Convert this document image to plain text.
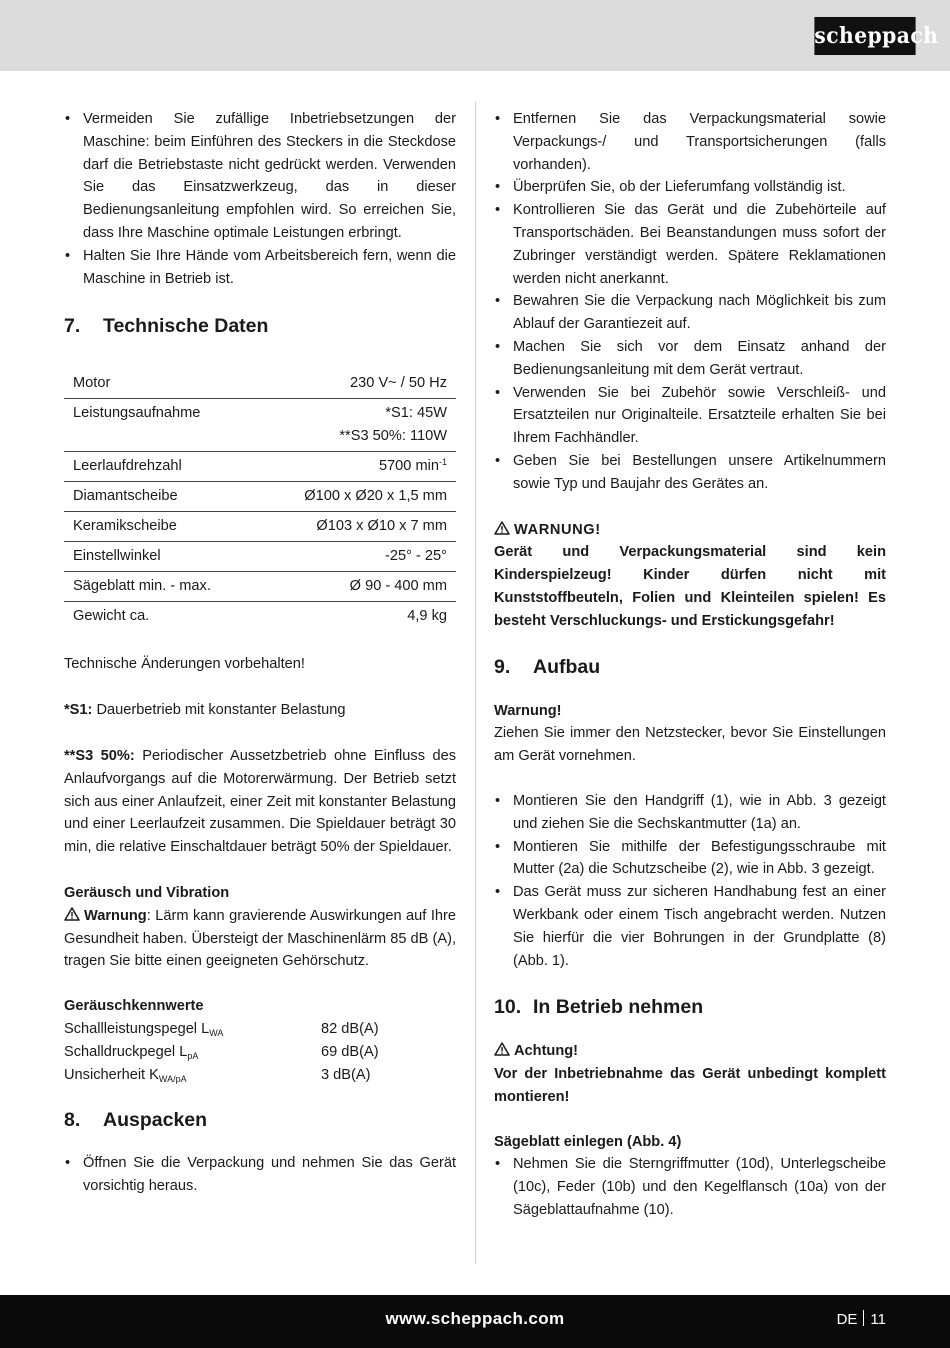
scheppach
• Vermeiden Sie zufällige Inbetriebsetzungen der Maschine: beim Einführen des Steckers in die Steckdose darf die Betriebstaste nicht gedrückt werden. Verwenden Sie das Einsatzwerkzeug, das in dieser Bedienungsanleitung empfohlen wird. So erreichen Sie, dass Ihre Maschine optimale Leistungen erbringt.
• Halten Sie Ihre Hände vom Arbeitsbereich fern, wenn die Maschine in Betrieb ist.
7.	Technische Daten
Motor	230 V~ / 50 Hz
Leistungsaufnahme	*S1: 45W
**S3 50%: 110W

Leerlaufdrehzahl	5700 $\min^{-1}$
Diamantscheibe	Ø100 x Ø20 x 1,5 mm
Keramikscheibe	Ø103 x Ø10 x 7 mm
Einstellwinkel	-25° - 25°
Sägeblatt min. - max.	Ø 90 - 400 mm
Gewicht ca.	4,9 kg

Technische Änderungen vorbehalten!

*S1: Dauerbetrieb mit konstanter Belastung

**S3 50%: Periodischer Aussetzbetrieb ohne Einfluss des Anlaufvorgangs auf die Motorerwärmung. Der Betrieb setzt sich aus einer Anlaufzeit, einer Zeit mit konstanter Belastung und einer Leerlaufzeit zusammen. Die Spieldauer beträgt 30 min, die relative Einschaltdauer beträgt 50% der Spieldauer.

Geräusch und Vibration

Warnung: Lärm kann gravierende Auswirkungen auf Ihre Gesundheit haben. Übersteigt der Maschinenlärm 85 dB (A), tragen Sie bitte einen geeigneten Gehörschutz.

Geräuschkennwerte

Schallleistungspegel $L_{WA}$	82 dB(A)
Schalldruckpegel $L_{pA}$	69 dB(A)
Unsicherheit $K_{WA/pA}$	3 dB(A)
8.	Auspacken
• Öffnen Sie die Verpackung und nehmen Sie das Gerät vorsichtig heraus.
• Entfernen Sie das Verpackungsmaterial sowie Verpackungs-/ und Transportsicherungen (falls vorhanden).
• Überprüfen Sie, ob der Lieferumfang vollständig ist.
• Kontrollieren Sie das Gerät und die Zubehörteile auf Transportschäden. Bei Beanstandungen muss sofort der Zubringer verständigt werden. Spätere Reklamationen werden nicht anerkannt.
• Bewahren Sie die Verpackung nach Möglichkeit bis zum Ablauf der Garantiezeit auf.
• Machen Sie sich vor dem Einsatz anhand der Bedienungsanleitung mit dem Gerät vertraut.
• Verwenden Sie bei Zubehör sowie Verschleiß- und Ersatzteilen nur Originalteile. Ersatzteile erhalten Sie bei Ihrem Fachhändler.
• Geben Sie bei Bestellungen unsere Artikelnummern sowie Typ und Baujahr des Gerätes an.

WARNUNG!

Gerät und Verpackungsmaterial sind kein Kinderspielzeug! Kinder dürfen nicht mit Kunststoffbeuteln, Folien und Kleinteilen spielen! Es besteht Verschluckungs- und Erstickungsgefahr!

9.	Aufbau

Warnung!

Ziehen Sie immer den Netzstecker, bevor Sie Einstellungen am Gerät vornehmen.

• Montieren Sie den Handgriff (1), wie in Abb. 3 gezeigt und ziehen Sie die Sechskantmutter (1a) an.
• Montieren Sie mithilfe der Befestigungsschraube mit Mutter (2a) die Schutzscheibe (2), wie in Abb. 3 gezeigt.
• Das Gerät muss zur sicheren Handhabung fest an einer Werkbank oder einem Tisch angebracht werden. Nutzen Sie hierfür die vier Bohrungen in der Grundplatte (8) (Abb. 1).
10. In Betrieb nehmen

Achtung!

Vor der Inbetriebnahme das Gerät unbedingt komplett montieren!

Sägeblatt einlegen (Abb. 4)

• Nehmen Sie die Sterngriffmutter (10d), Unterlegscheibe (10c), Feder (10b) und den Kegelflansch (10a) von der Sägeblattaufnahme (10).
www.scheppach.com	DE 11
